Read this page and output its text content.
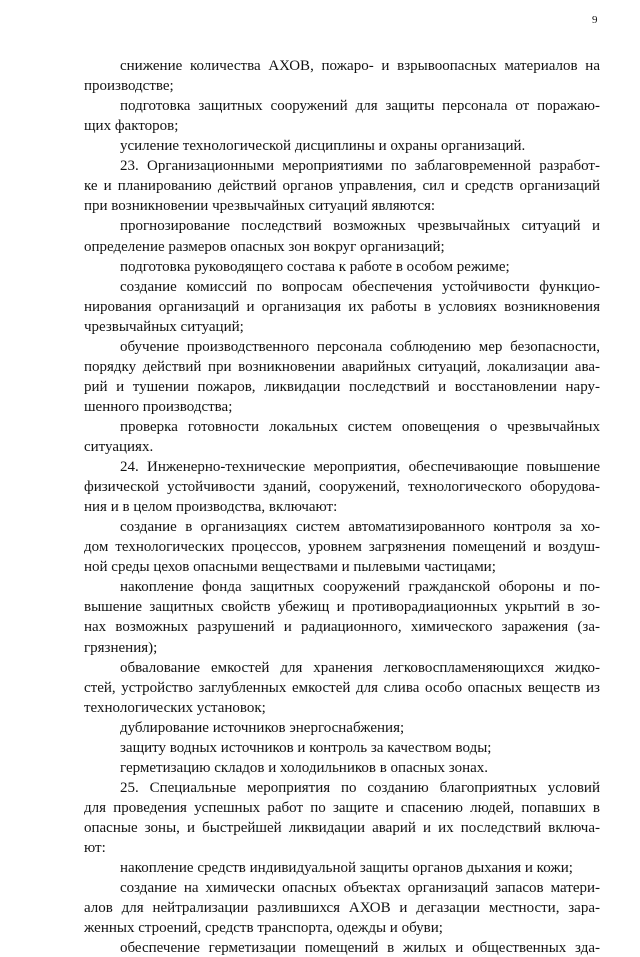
9
снижение количества АХОВ, пожаро- и взрывоопасных материалов на
производстве;
подготовка защитных сооружений для защиты персонала от поражаю-
щих факторов;
усиление технологической дисциплины и охраны организаций.
23. Организационными мероприятиями по заблаговременной разработ-
ке и планированию действий органов управления, сил и средств организаций
при возникновении чрезвычайных ситуаций являются:
прогнозирование последствий возможных чрезвычайных ситуаций и
определение размеров опасных зон вокруг организаций;
подготовка руководящего состава к работе в особом режиме;
создание комиссий по вопросам обеспечения устойчивости функцио-
нирования организаций и организация их работы в условиях возникновения
чрезвычайных ситуаций;
обучение производственного персонала соблюдению мер безопасности,
порядку действий при возникновении аварийных ситуаций, локализации ава-
рий и тушении пожаров, ликвидации последствий и восстановлении нару-
шенного производства;
проверка готовности локальных систем оповещения о чрезвычайных
ситуациях.
24. Инженерно-технические мероприятия, обеспечивающие повышение
физической устойчивости зданий, сооружений, технологического оборудова-
ния и в целом производства, включают:
создание в организациях систем автоматизированного контроля за хо-
дом технологических процессов, уровнем загрязнения помещений и воздуш-
ной среды цехов опасными веществами и пылевыми частицами;
накопление фонда защитных сооружений гражданской обороны и по-
вышение защитных свойств убежищ и противорадиационных укрытий в зо-
нах возможных разрушений и радиационного, химического заражения (за-
грязнения);
обвалование емкостей для хранения легковоспламеняющихся жидко-
стей, устройство заглубленных емкостей для слива особо опасных веществ из
технологических установок;
дублирование источников энергоснабжения;
защиту водных источников и контроль за качеством воды;
герметизацию складов и холодильников в опасных зонах.
25. Специальные мероприятия по созданию благоприятных условий
для проведения успешных работ по защите и спасению людей, попавших в
опасные зоны, и быстрейшей ликвидации аварий и их последствий включа-
ют:
накопление средств индивидуальной защиты органов дыхания и кожи;
создание на химически опасных объектах организаций запасов матери-
алов для нейтрализации разлившихся АХОВ и дегазации местности, зара-
женных строений, средств транспорта, одежды и обуви;
обеспечение герметизации помещений в жилых и общественных зда-
